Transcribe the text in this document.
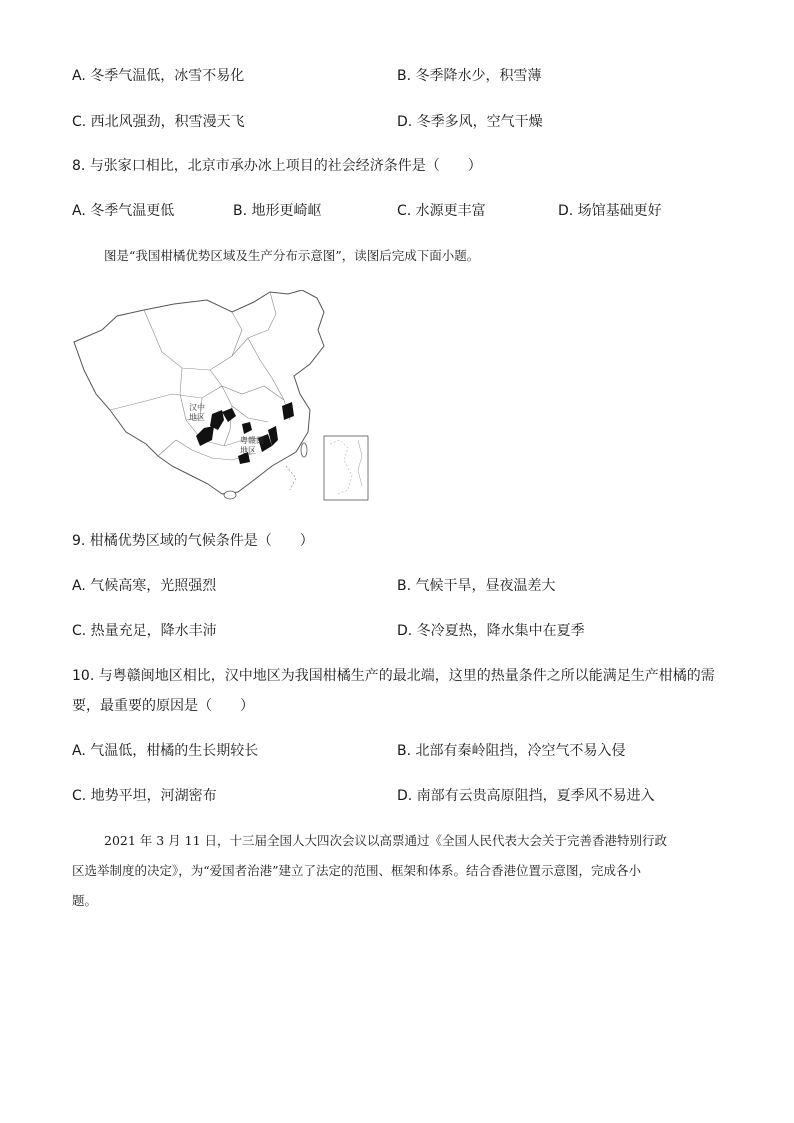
A. 冬季气温低，冰雪不易化	B. 冬季降水少，积雪薄
C. 西北风强劲，积雪漫天飞	D. 冬季多风，空气干燥
8. 与张家口相比，北京市承办冰上项目的社会经济条件是（　　）
A. 冬季气温更低	B. 地形更崎岖	C. 水源更丰富	D. 场馆基础更好
图是“我国柑橘优势区域及生产分布示意图”，读图后完成下面小题。
汉中
地区
粤赣闽
地区
9. 柑橘优势区域的气候条件是（　　）
A. 气候高寒，光照强烈	B. 气候干旱，昼夜温差大
C. 热量充足，降水丰沛	D. 冬冷夏热，降水集中在夏季
10. 与粤赣闽地区相比，汉中地区为我国柑橘生产的最北端，这里的热量条件之所以能满足生产柑橘的需
要，最重要的原因是（　　）
A. 气温低，柑橘的生长期较长	B. 北部有秦岭阻挡，冷空气不易入侵
C. 地势平坦，河湖密布	D. 南部有云贵高原阻挡，夏季风不易进入
2021 年 3 月 11 日，十三届全国人大四次会议以高票通过《全国人民代表大会关于完善香港特别行政
区选举制度的决定》，为“爱国者治港”建立了法定的范围、框架和体系。结合香港位置示意图，完成各小
题。
